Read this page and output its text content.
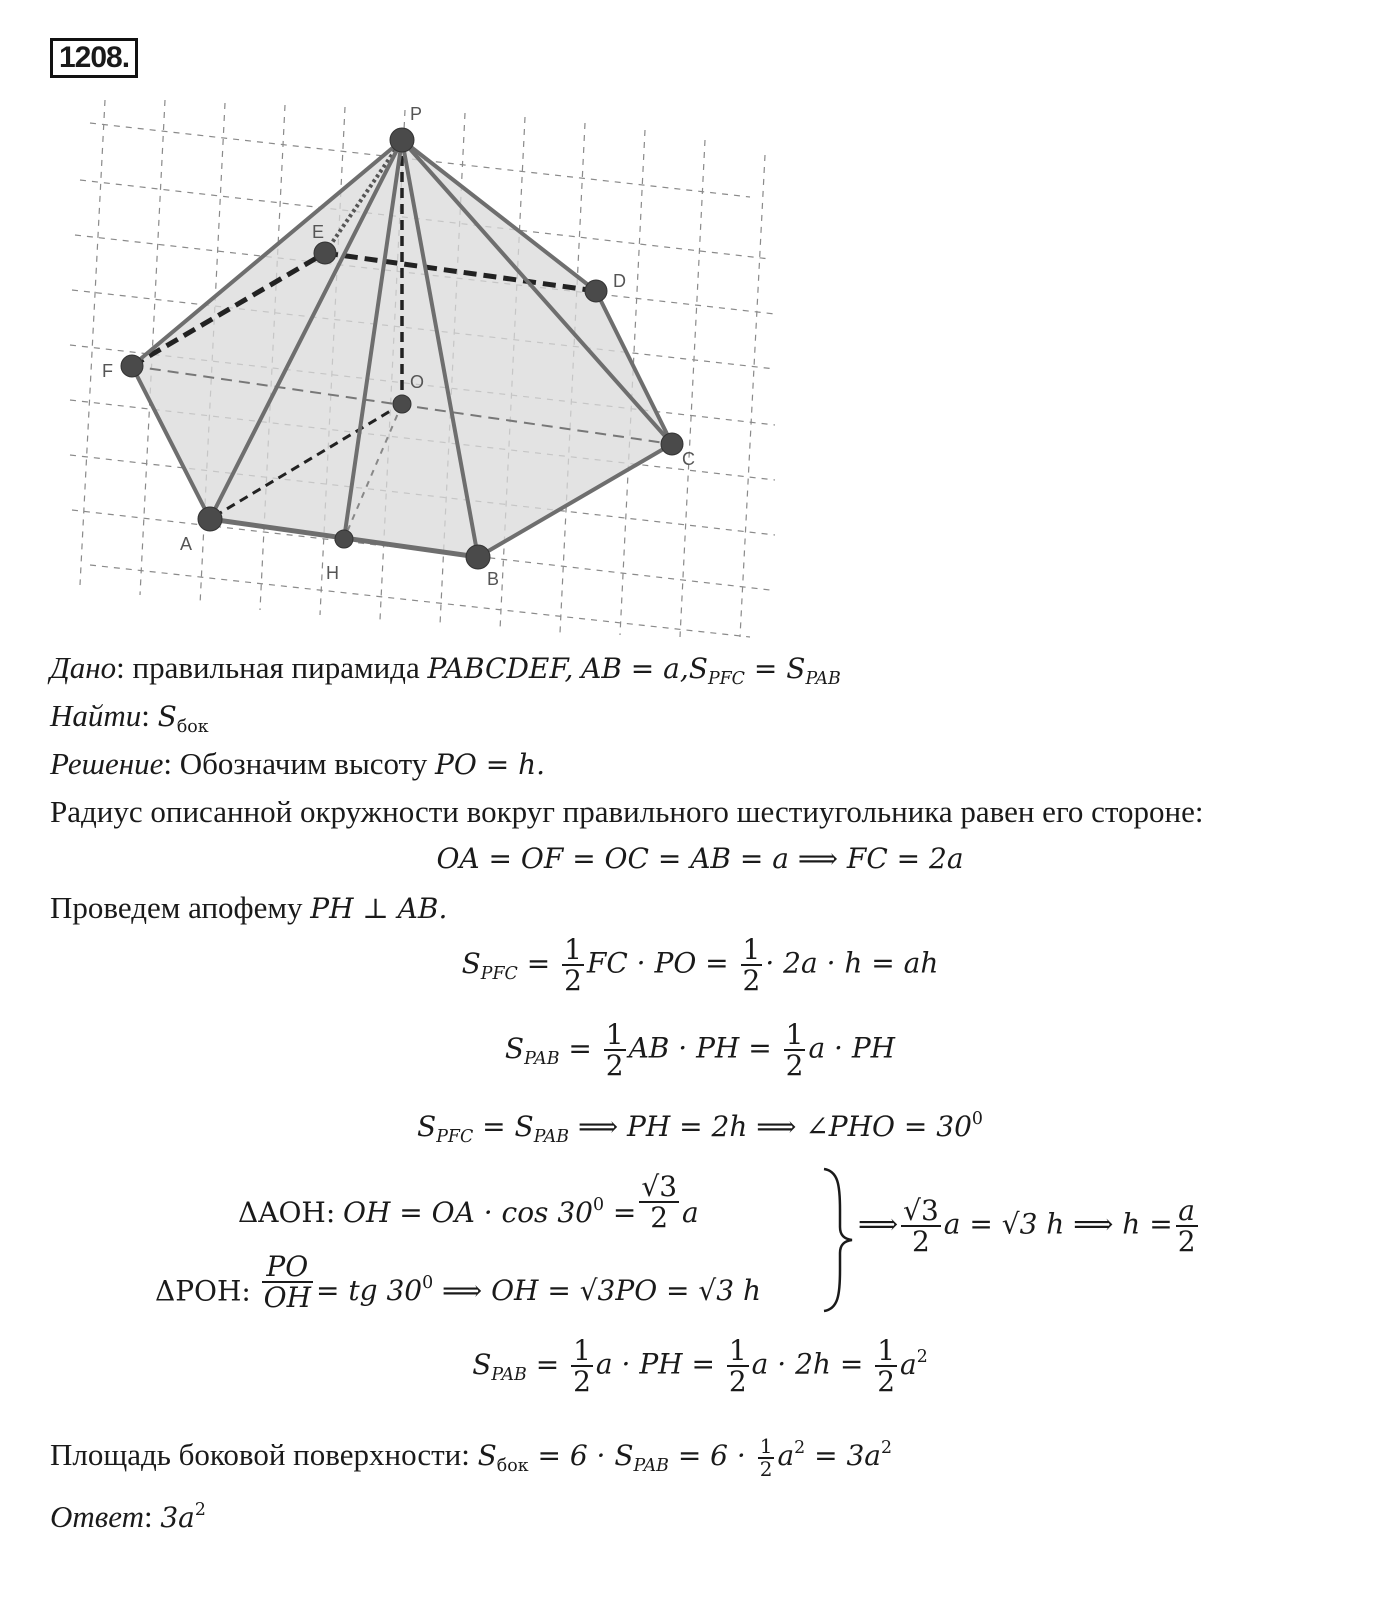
1208.
P
E
D
F
O
C
A
H	B
Дано: правильная пирамида PABCDEF, AB = $a,S_{PFC} = S_{PAB}$
Найти: $S_{бок}$
Решение: Обозначим высоту PO = h.
Радиус описанной окружности вокруг правильного шестиугольника равен его стороне:
OA = OF = OC = AB = a ⟹ FC = 2a
Проведем апофему PH ⊥ AB.
$S_{PFC} = \frac{1}{2}$ FC · PO = $\frac{1}{2} \cdot 2a \cdot h$ = ah
$S_{PAB} = \frac{1}{2}$ AB · PH = $\frac{1}{2}$ a · PH
$S_{PFC} = S_{PAB}$ ⟹ PH = 2h ⟹ ∠PHO = $30^0$
ΔAOH: OH = OA · $\cos 30^0 = \frac{√3}{2}$ a
ΔPOH: $\frac{PO}{OH}$ = tg $30^0$ ⟹ OH = √3PO = √3 h
⟹ $\frac{√3}{2}$ a = √3 h ⟹ $h = \frac{a}{2}$
$S_{PAB} = \frac{1}{2}$ a · PH = $\frac{1}{2}$ $a \cdot 2h = \frac{1}{2} a^2$
Площадь боковой поверхности: $S_{бок} = 6 \cdot S_{PAB} = 6 \cdot \frac{1}{2} a^2 = 3a^2$
Ответ: $3a^2$
